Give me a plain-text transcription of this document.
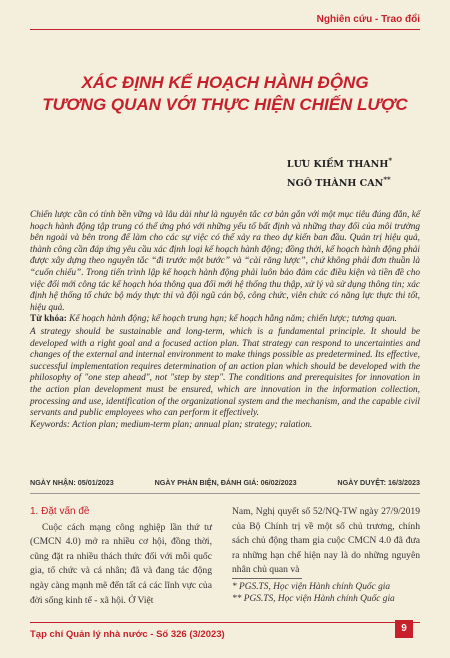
Nghiên cứu - Trao đổi
XÁC ĐỊNH KẾ HOẠCH HÀNH ĐỘNG
TƯƠNG QUAN VỚI THỰC HIỆN CHIẾN LƯỢC
LƯU KIẾM THANH*
NGÔ THÀNH CAN**

Chiến lược cần có tính bền vững và lâu dài như là nguyên tắc cơ bản gắn với một mục tiêu đúng đắn, kế hoạch hành động tập trung có thể ứng phó với những yếu tố bất định và những thay đổi của môi trường bên ngoài và bên trong để làm cho các sự việc có thể xảy ra theo dự kiến ban đầu. Quản trị hiệu quả, thành công cần đáp ứng yêu cầu xác định loại kế hoạch hành động; đồng thời, kế hoạch hành động phải được xây dựng theo nguyên tắc “đi trước một bước” và “cài răng lược”, chứ không phải đơn thuần là “cuốn chiếu”. Trong tiến trình lập kế hoạch hành động phải luôn bảo đảm các điều kiện và tiền đề cho việc đổi mới công tác kế hoạch hóa thông qua đổi mới hệ thống thu thập, xử lý và sử dụng thông tin; xác định hệ thống tổ chức bộ máy thực thi và đội ngũ cán bộ, công chức, viên chức có năng lực thực thi tốt, hiệu quả.

Từ khóa: Kế hoạch hành động; kế hoạch trung hạn; kế hoạch hằng năm; chiến lược; tương quan.

A strategy should be sustainable and long-term, which is a fundamental principle. It should be developed with a right goal and a focused action plan. That strategy can respond to uncertainties and changes of the external and internal environment to make things possible as predetermined. Its effective, successful implementation requires determination of an action plan which should be developed with the philosophy of "one step ahead", not "step by step". The conditions and prerequisites for innovation in the action plan development must be ensured, which are innovation in the information collection, processing and use, identification of the organizational system and the mechanism, and the capable civil servants and public employees who can perform it effectively.

Keywords: Action plan; medium-term plan; annual plan; strategy; ralation.

NGÀY NHẬN: 05/01/2023	NGÀY PHẢN BIỆN, ĐÁNH GIÁ: 06/02/2023	NGÀY DUYỆT: 16/3/2023
1. Đặt vấn đề

Cuộc cách mạng công nghiệp lần thứ tư (CMCN 4.0) mở ra nhiều cơ hội, đồng thời, cũng đặt ra nhiều thách thức đối với mỗi quốc gia, tổ chức và cá nhân; đã và đang tác động ngày càng mạnh mẽ đến tất cả các lĩnh vực của đời sống kinh tế - xã hội. Ở Việt

Nam, Nghị quyết số 52/NQ-TW ngày 27/9/2019 của Bộ Chính trị về một số chủ trương, chính sách chủ động tham gia cuộc CMCN 4.0 đã đưa ra những hạn chế hiện nay là do những nguyên nhân chủ quan và

* PGS.TS, Học viện Hành chính Quốc gia
** PGS.TS, Học viện Hành chính Quốc gia
Tạp chí Quản lý nhà nước - Số 326 (3/2023)
9
